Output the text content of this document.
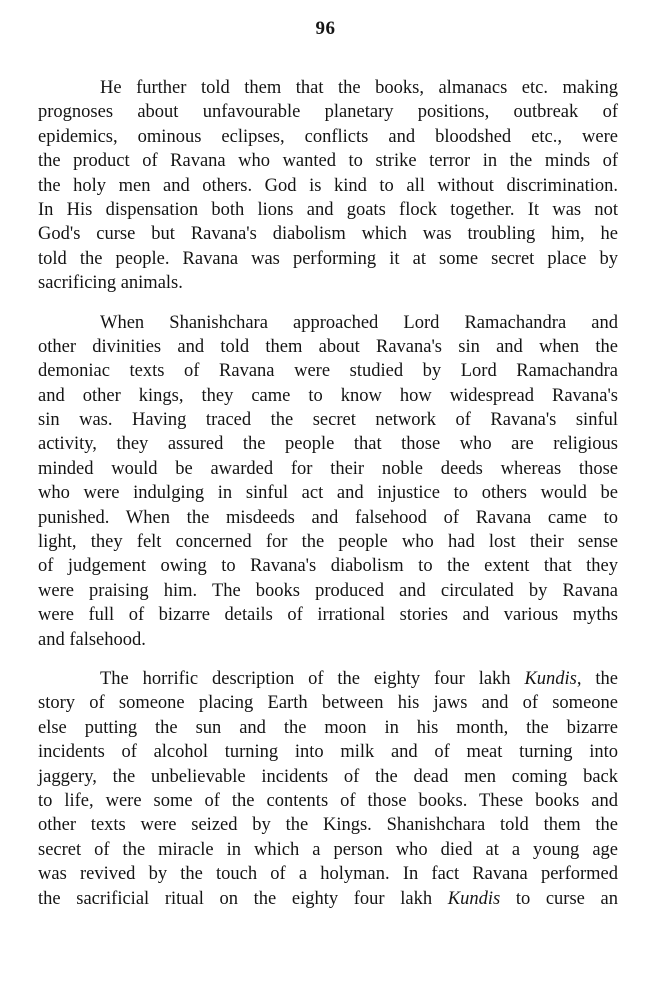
96

He further told them that the books, almanacs etc. making
prognoses about unfavourable planetary positions, outbreak of
epidemics, ominous eclipses, conflicts and bloodshed etc., were
the product of Ravana who wanted to strike terror in the minds of
the holy men and others. God is kind to all without discrimination.
In His dispensation both lions and goats flock together. It was not
God's curse but Ravana's diabolism which was troubling him, he
told the people. Ravana was performing it at some secret place by
sacrificing animals.

When Shanishchara approached Lord Ramachandra and
other divinities and told them about Ravana's sin and when the
demoniac texts of Ravana were studied by Lord Ramachandra
and other kings, they came to know how widespread Ravana's
sin was. Having traced the secret network of Ravana's sinful
activity, they assured the people that those who are religious
minded would be awarded for their noble deeds whereas those
who were indulging in sinful act and injustice to others would be
punished. When the misdeeds and falsehood of Ravana came to
light, they felt concerned for the people who had lost their sense
of judgement owing to Ravana's diabolism to the extent that they
were praising him. The books produced and circulated by Ravana
were full of bizarre details of irrational stories and various myths
and falsehood.

The horrific description of the eighty four lakh Kundis, the
story of someone placing Earth between his jaws and of someone
else putting the sun and the moon in his month, the bizarre
incidents of alcohol turning into milk and of meat turning into
jaggery, the unbelievable incidents of the dead men coming back
to life, were some of the contents of those books. These books and
other texts were seized by the Kings. Shanishchara told them the
secret of the miracle in which a person who died at a young age
was revived by the touch of a holyman. In fact Ravana performed
the sacrificial ritual on the eighty four lakh Kundis to curse an
